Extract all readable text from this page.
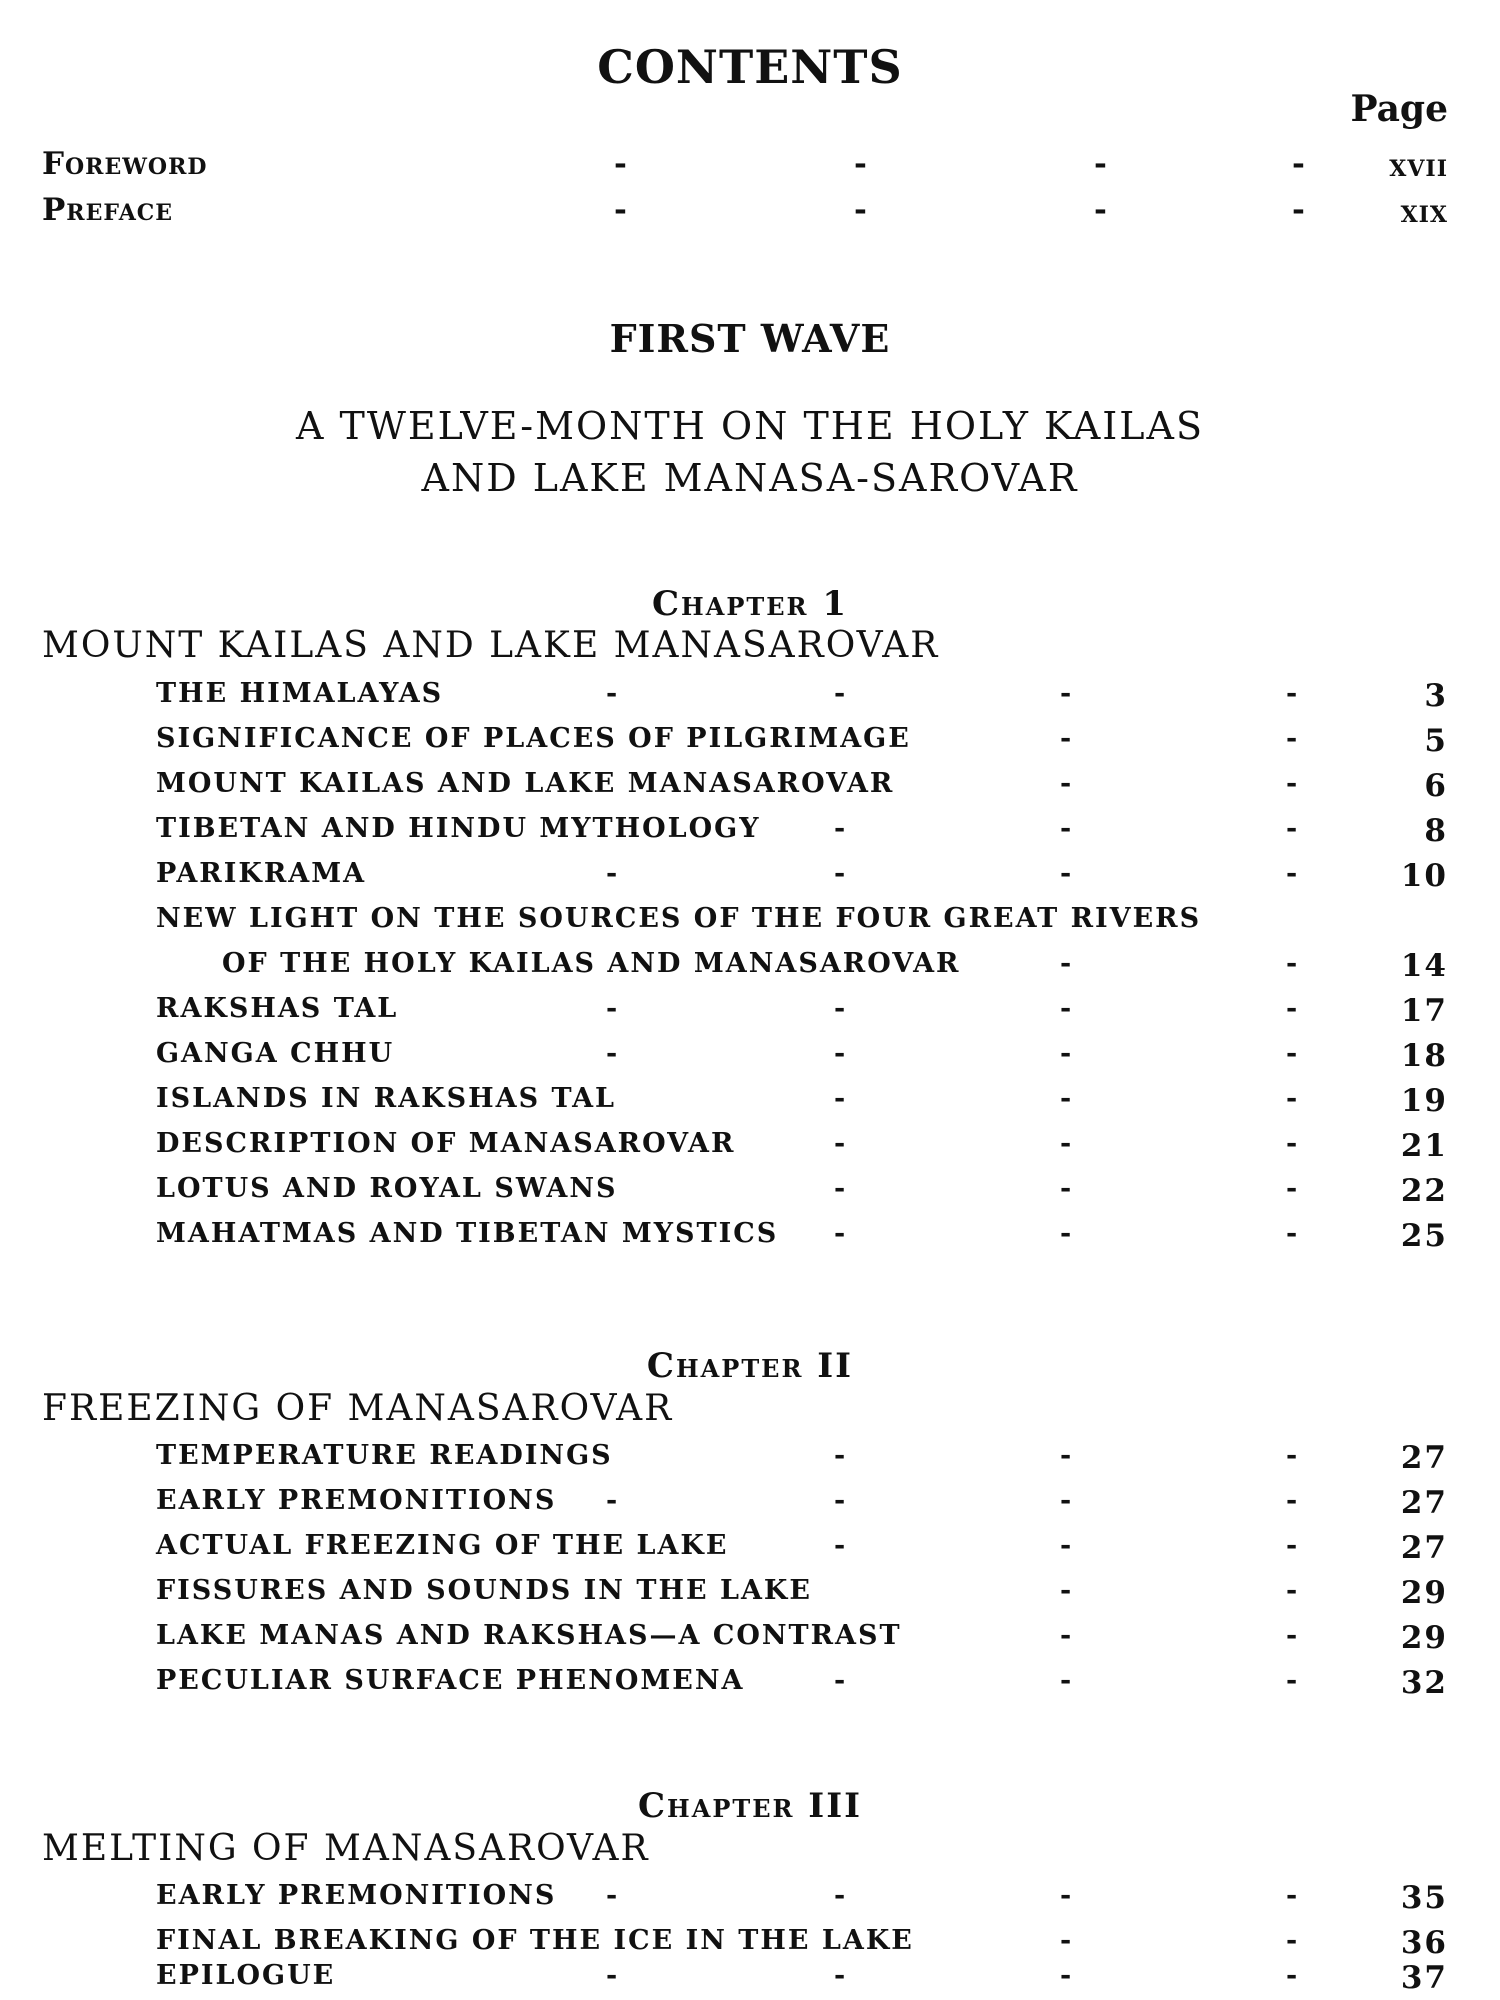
CONTENTS
Page
Foreword	-	-	-	-	xvii
Preface	-	-	-	-	xix
FIRST WAVE
A TWELVE-MONTH ON THE HOLY KAILAS
AND LAKE MANASA-SAROVAR
Chapter 1
MOUNT KAILAS AND LAKE MANASAROVAR
THE HIMALAYAS	-	-	-	-	3
SIGNIFICANCE OF PLACES OF PILGRIMAGE	-	-	5
MOUNT KAILAS AND LAKE MANASAROVAR	-	-	6
TIBETAN AND HINDU MYTHOLOGY	-	-	-	8
PARIKRAMA	-	-	-	-	10
NEW LIGHT ON THE SOURCES OF THE FOUR GREAT RIVERS
OF THE HOLY KAILAS AND MANASAROVAR	-	-	14
RAKSHAS TAL	-	-	-	-	17
GANGA CHHU	-	-	-	-	18
ISLANDS IN RAKSHAS TAL	-	-	-	19
DESCRIPTION OF MANASAROVAR	-	-	-	21
LOTUS AND ROYAL SWANS	-	-	-	22
MAHATMAS AND TIBETAN MYSTICS -	-	-	25
Chapter II
FREEZING OF MANASAROVAR
TEMPERATURE READINGS	-	-	-	27
EARLY PREMONITIONS -	-	-	-	27
ACTUAL FREEZING OF THE LAKE	-	-	-	27
FISSURES AND SOUNDS IN THE LAKE	-	-	29
LAKE MANAS AND RAKSHAS—A CONTRAST	-	-	29
PECULIAR SURFACE PHENOMENA	-	-	-	32
Chapter III
MELTING OF MANASAROVAR
EARLY PREMONITIONS -	-	-	-	35
FINAL BREAKING OF THE ICE IN THE LAKE	-	-	36
EPILOGUE	-	-	-	-	37
